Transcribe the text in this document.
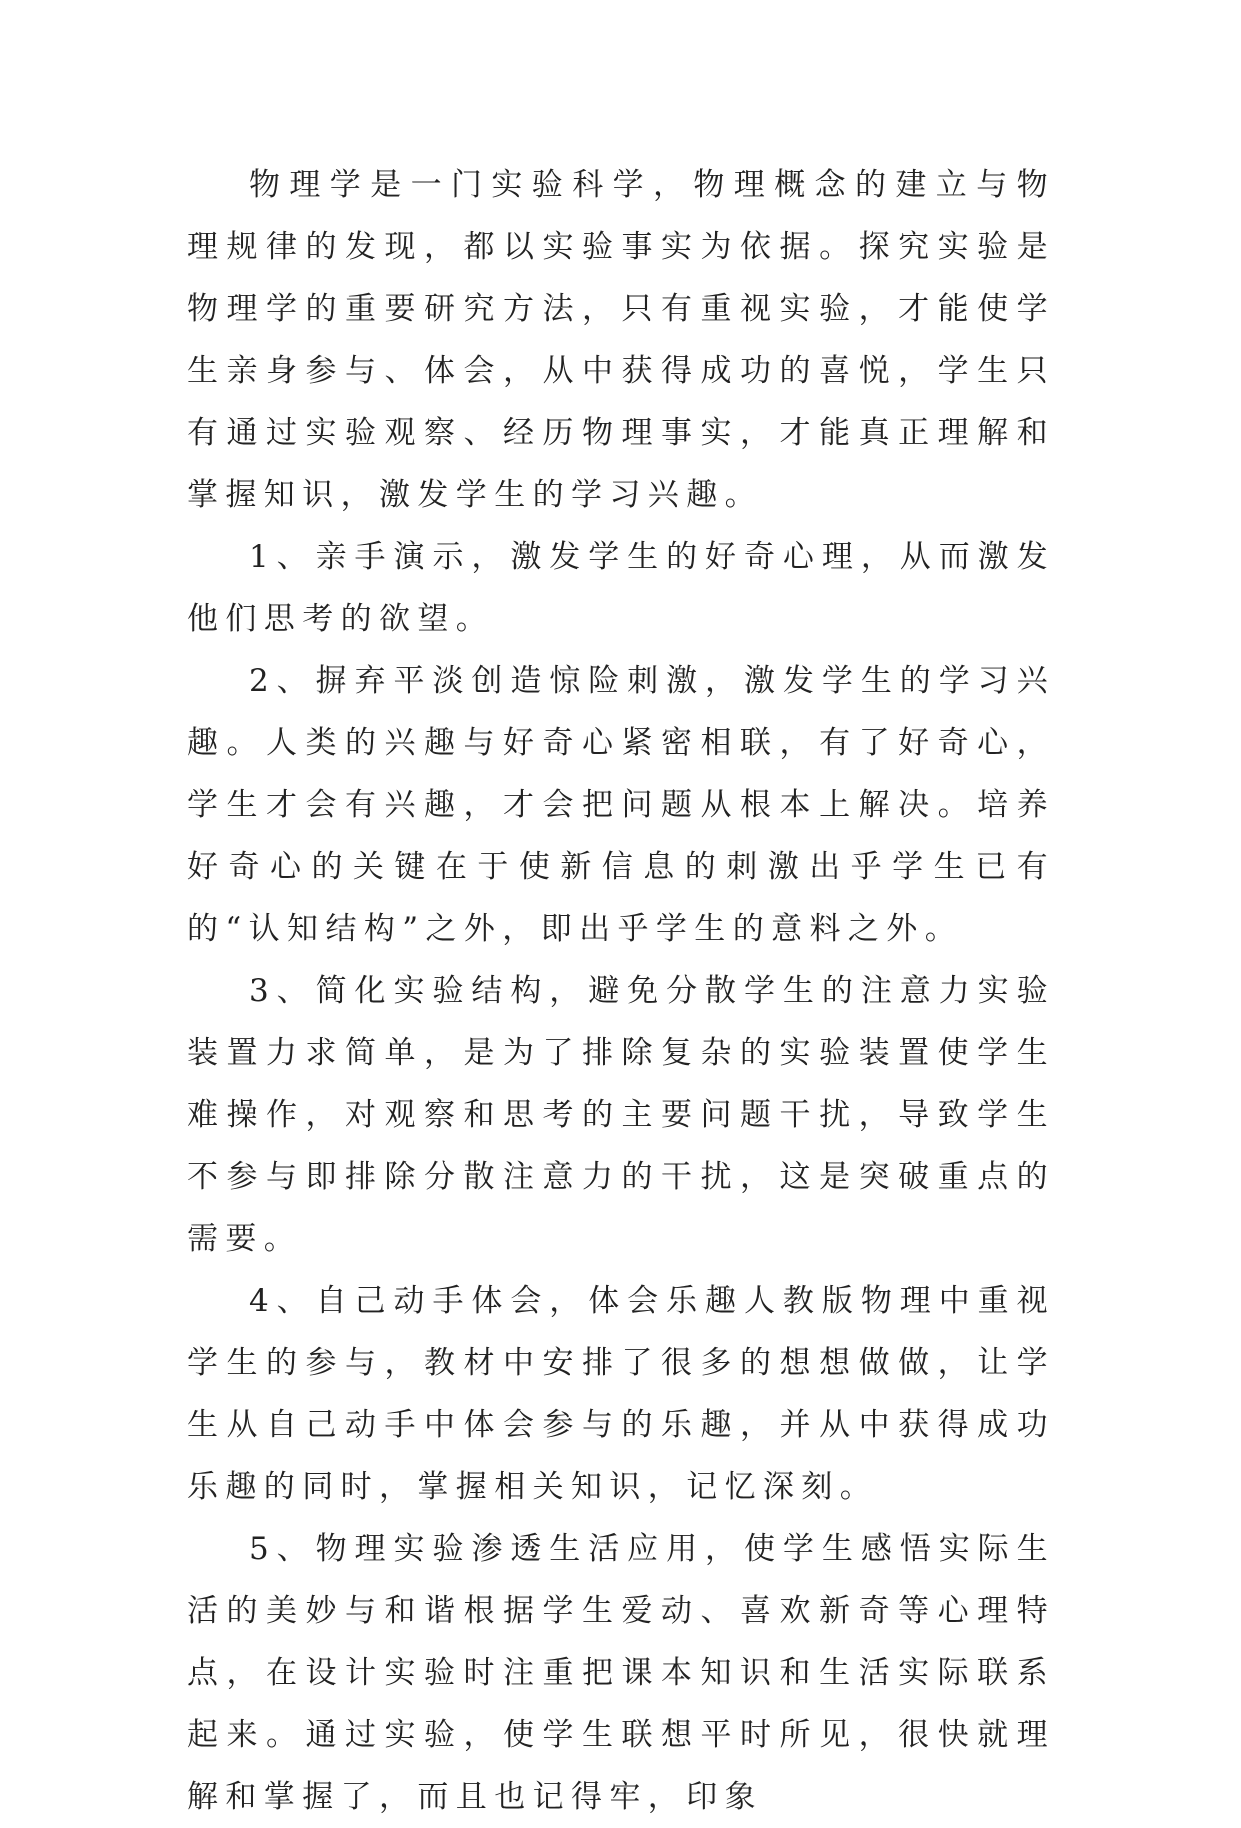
物理学是一门实验科学，物理概念的建立与物理规律的发现，都以实验事实为依据。探究实验是物理学的重要研究方法，只有重视实验，才能使学生亲身参与、体会，从中获得成功的喜悦，学生只有通过实验观察、经历物理事实，才能真正理解和掌握知识，激发学生的学习兴趣。

1、亲手演示，激发学生的好奇心理，从而激发他们思考的欲望。

2、摒弃平淡创造惊险刺激，激发学生的学习兴趣。人类的兴趣与好奇心紧密相联，有了好奇心，学生才会有兴趣，才会把问题从根本上解决。培养好奇心的关键在于使新信息的刺激出乎学生已有的“认知结构”之外，即出乎学生的意料之外。

3、简化实验结构，避免分散学生的注意力实验装置力求简单，是为了排除复杂的实验装置使学生难操作，对观察和思考的主要问题干扰，导致学生不参与即排除分散注意力的干扰，这是突破重点的需要。

4、自己动手体会，体会乐趣人教版物理中重视学生的参与，教材中安排了很多的想想做做，让学生从自己动手中体会参与的乐趣，并从中获得成功乐趣的同时，掌握相关知识，记忆深刻。

5、物理实验渗透生活应用，使学生感悟实际生活的美妙与和谐根据学生爱动、喜欢新奇等心理特点，在设计实验时注重把课本知识和生活实际联系起来。通过实验，使学生联想平时所见，很快就理解和掌握了，而且也记得牢，印象
